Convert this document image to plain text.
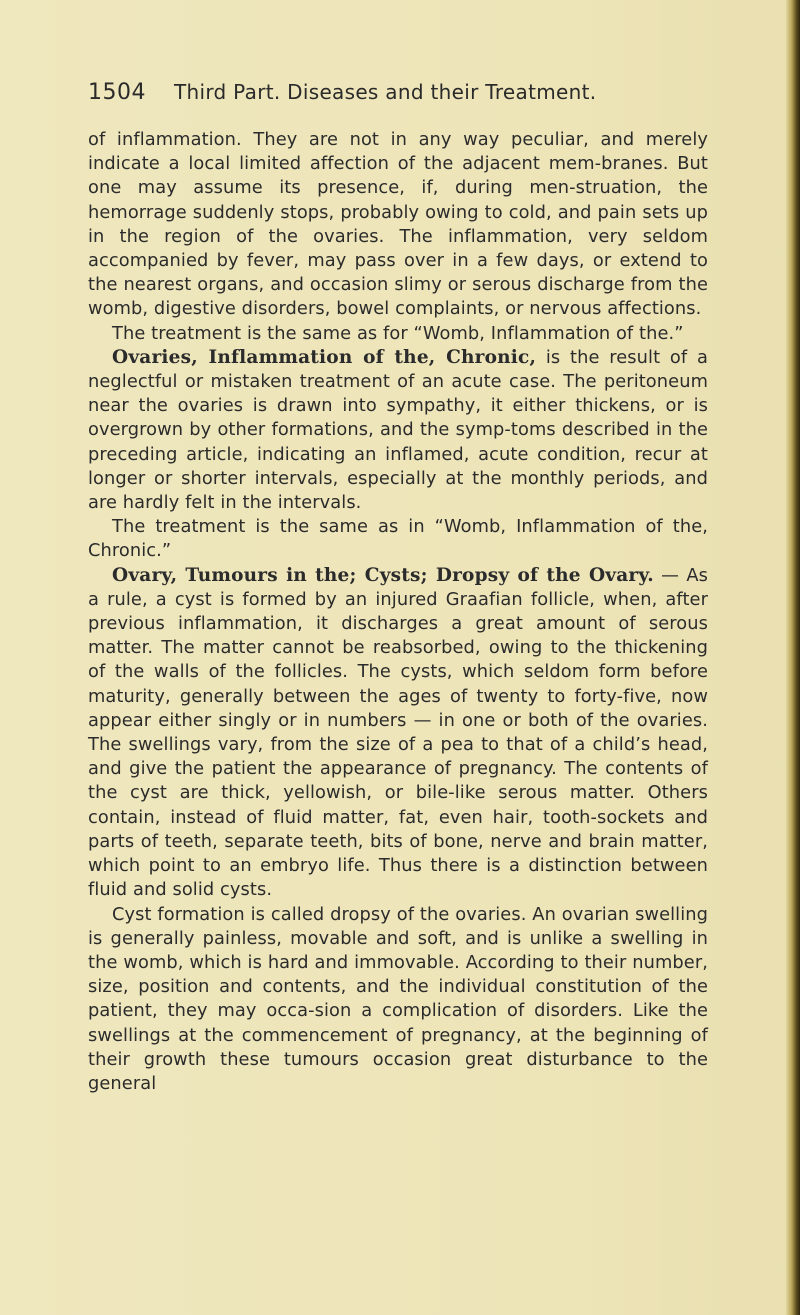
1504 Third Part. Diseases and their Treatment.

of inflammation. They are not in any way peculiar, and merely indicate a local limited affection of the adjacent mem-branes. But one may assume its presence, if, during men-struation, the hemorrage suddenly stops, probably owing to cold, and pain sets up in the region of the ovaries. The inflammation, very seldom accompanied by fever, may pass over in a few days, or extend to the nearest organs, and occasion slimy or serous discharge from the womb, digestive disorders, bowel complaints, or nervous affections.

The treatment is the same as for “Womb, Inflammation of the.”

Ovaries, Inflammation of the, Chronic, is the result of a neglectful or mistaken treatment of an acute case. The peritoneum near the ovaries is drawn into sympathy, it either thickens, or is overgrown by other formations, and the symp-toms described in the preceding article, indicating an inflamed, acute condition, recur at longer or shorter intervals, especially at the monthly periods, and are hardly felt in the intervals.

The treatment is the same as in “Womb, Inflammation of the, Chronic.”

Ovary, Tumours in the; Cysts; Dropsy of the Ovary. — As a rule, a cyst is formed by an injured Graafian follicle, when, after previous inflammation, it discharges a great amount of serous matter. The matter cannot be reabsorbed, owing to the thickening of the walls of the follicles. The cysts, which seldom form before maturity, generally between the ages of twenty to forty-five, now appear either singly or in numbers — in one or both of the ovaries. The swellings vary, from the size of a pea to that of a child’s head, and give the patient the appearance of pregnancy. The contents of the cyst are thick, yellowish, or bile-like serous matter. Others contain, instead of fluid matter, fat, even hair, tooth-sockets and parts of teeth, separate teeth, bits of bone, nerve and brain matter, which point to an embryo life. Thus there is a distinction between fluid and solid cysts.

Cyst formation is called dropsy of the ovaries. An ovarian swelling is generally painless, movable and soft, and is unlike a swelling in the womb, which is hard and immovable. According to their number, size, position and contents, and the individual constitution of the patient, they may occa-sion a complication of disorders. Like the swellings at the commencement of pregnancy, at the beginning of their growth these tumours occasion great disturbance to the general
